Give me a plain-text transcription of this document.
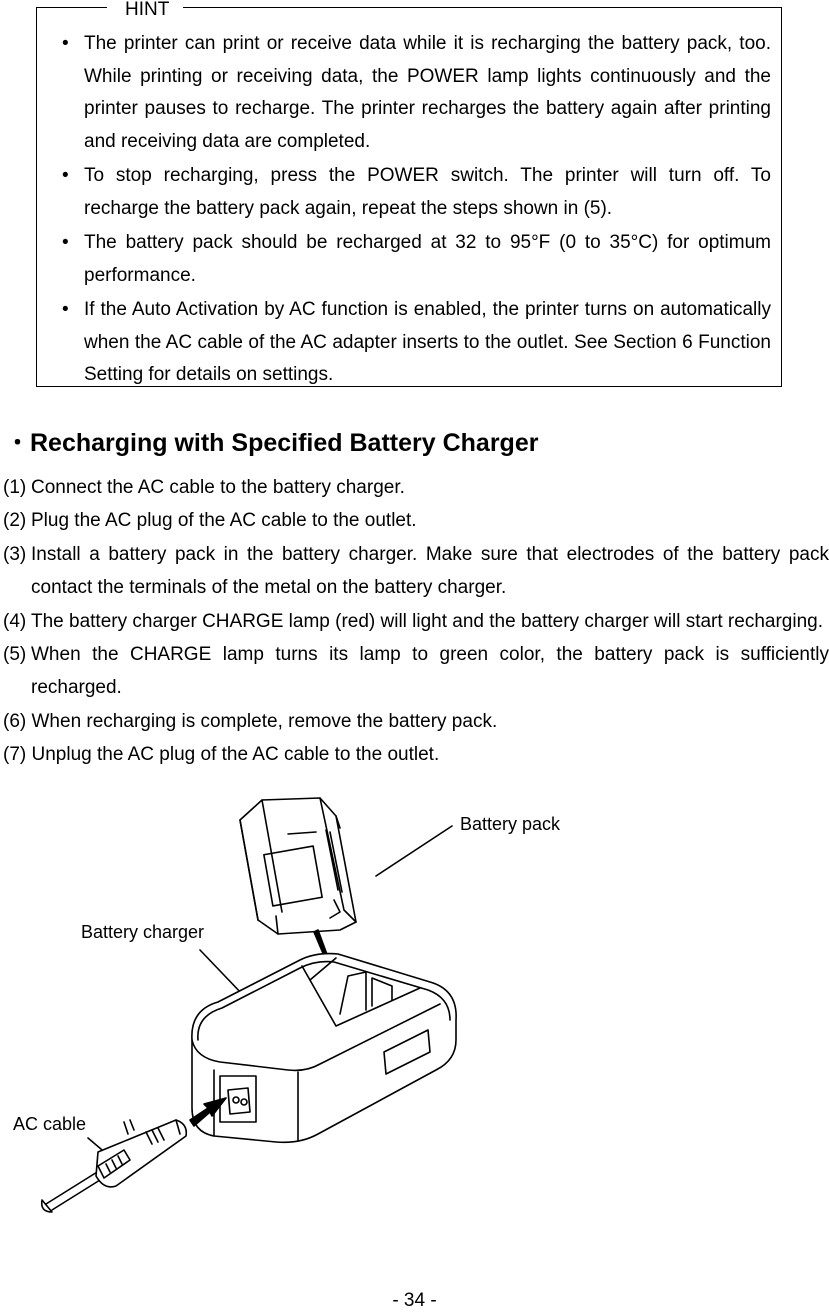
HINT
• The printer can print or receive data while it is recharging the battery pack, too. While printing or receiving data, the POWER lamp lights continuously and the printer pauses to recharge. The printer recharges the battery again after printing and receiving data are completed.
• To stop recharging, press the POWER switch. The printer will turn off. To recharge the battery pack again, repeat the steps shown in (5).
• The battery pack should be recharged at 32 to 95°F (0 to 35°C) for optimum performance.
• If the Auto Activation by AC function is enabled, the printer turns on automatically when the AC cable of the AC adapter inserts to the outlet. See Section 6 Function Setting for details on settings.
・Recharging with Specified Battery Charger
(1) Connect the AC cable to the battery charger.
(2) Plug the AC plug of the AC cable to the outlet.
(3) Install a battery pack in the battery charger. Make sure that electrodes of the battery pack contact the terminals of the metal on the battery charger.
(4) The battery charger CHARGE lamp (red) will light and the battery charger will start recharging.
(5) When the CHARGE lamp turns its lamp to green color, the battery pack is sufficiently recharged.
(6) When recharging is complete, remove the battery pack.
(7) Unplug the AC plug of the AC cable to the outlet.
Battery pack
Battery charger
AC cable
- 34 -
